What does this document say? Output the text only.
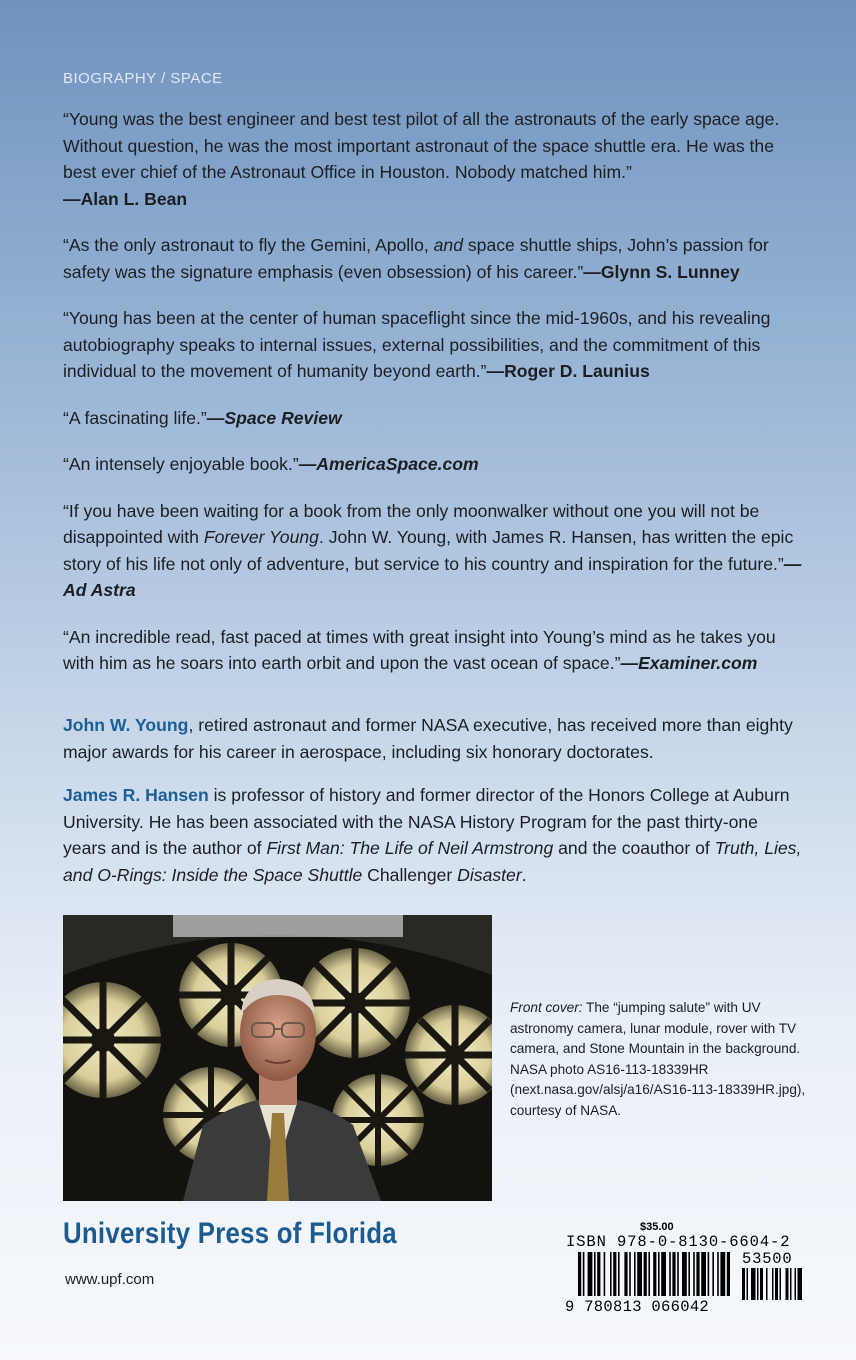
BIOGRAPHY / SPACE

“Young was the best engineer and best test pilot of all the astronauts of the early space age. Without question, he was the most important astronaut of the space shuttle era. He was the best ever chief of the Astronaut Office in Houston. Nobody matched him.”
—Alan L. Bean

“As the only astronaut to fly the Gemini, Apollo, and space shuttle ships, John’s passion for safety was the signature emphasis (even obsession) of his career.”—Glynn S. Lunney

“Young has been at the center of human spaceflight since the mid-1960s, and his revealing autobiography speaks to internal issues, external possibilities, and the commitment of this individual to the movement of humanity beyond earth.”—Roger D. Launius

“A fascinating life.”—Space Review

“An intensely enjoyable book.”—AmericaSpace.com

“If you have been waiting for a book from the only moonwalker without one you will not be disappointed with Forever Young. John W. Young, with James R. Hansen, has written the epic story of his life not only of adventure, but service to his country and inspiration for the future.”—Ad Astra

“An incredible read, fast paced at times with great insight into Young’s mind as he takes you with him as he soars into earth orbit and upon the vast ocean of space.”—Examiner.com

John W. Young, retired astronaut and former NASA executive, has received more than eighty major awards for his career in aerospace, including six honorary doctorates.

James R. Hansen is professor of history and former director of the Honors College at Auburn University. He has been associated with the NASA History Program for the past thirty-one years and is the author of First Man: The Life of Neil Armstrong and the coauthor of Truth, Lies, and O-Rings: Inside the Space Shuttle Challenger Disaster.

Front cover: The “jumping salute” with UV astronomy camera, lunar module, rover with TV camera, and Stone Mountain in the background. NASA photo AS16-113-18339HR (next.nasa.gov/alsj/a16/AS16-113-18339HR.jpg), courtesy of NASA.
University Press of Florida
www.upf.com
$35.00
ISBN 978-0-8130-6604-2
53500
9 780813 066042
